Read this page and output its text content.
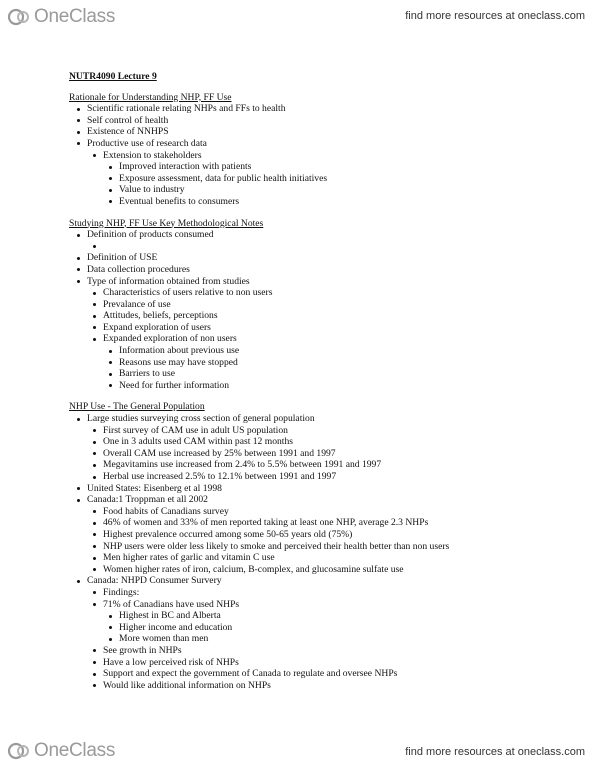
OneClass	find more resources at oneclass.com
NUTR4090 Lecture 9
Rationale for Understanding NHP, FF Use
Scientific rationale relating NHPs and FFs to health
Self control of health
Existence of NNHPS
Productive use of research data
Extension to stakeholders
Improved interaction with patients
Exposure assessment, data for public health initiatives
Value to industry
Eventual benefits to consumers
Studying NHP, FF Use Key Methodological Notes
Definition of products consumed
Definition of USE
Data collection procedures
Type of information obtained from studies
Characteristics of users relative to non users
Prevalance of use
Attitudes, beliefs, perceptions
Expand exploration of users
Expanded exploration of non users
Information about previous use
Reasons use may have stopped
Barriers to use
Need for further information
NHP Use - The General Population
Large studies surveying cross section of general population
First survey of CAM use in adult US population
One in 3 adults used CAM within past 12 months
Overall CAM use increased by 25% between 1991 and 1997
Megavitamins use increased from 2.4% to 5.5% between 1991 and 1997
Herbal use increased 2.5% to 12.1% between 1991 and 1997
United States: Eisenberg et al 1998
Canada:1 Troppman et all 2002
Food habits of Canadians survey
46% of women and 33% of men reported taking at least one NHP, average 2.3 NHPs
Highest prevalence occurred among some 50-65 years old (75%)
NHP users were older less likely to smoke and perceived their health better than non users
Men higher rates of garlic and vitamin C use
Women higher rates of iron, calcium, B-complex, and glucosamine sulfate use
Canada: NHPD Consumer Survery
Findings:
71% of Canadians have used NHPs
Highest in BC and Alberta
Higher income and education
More women than men
See growth in NHPs
Have a low perceived risk of NHPs
Support and expect the government of Canada to regulate and oversee NHPs
Would like additional information on NHPs
OneClass	find more resources at oneclass.com
